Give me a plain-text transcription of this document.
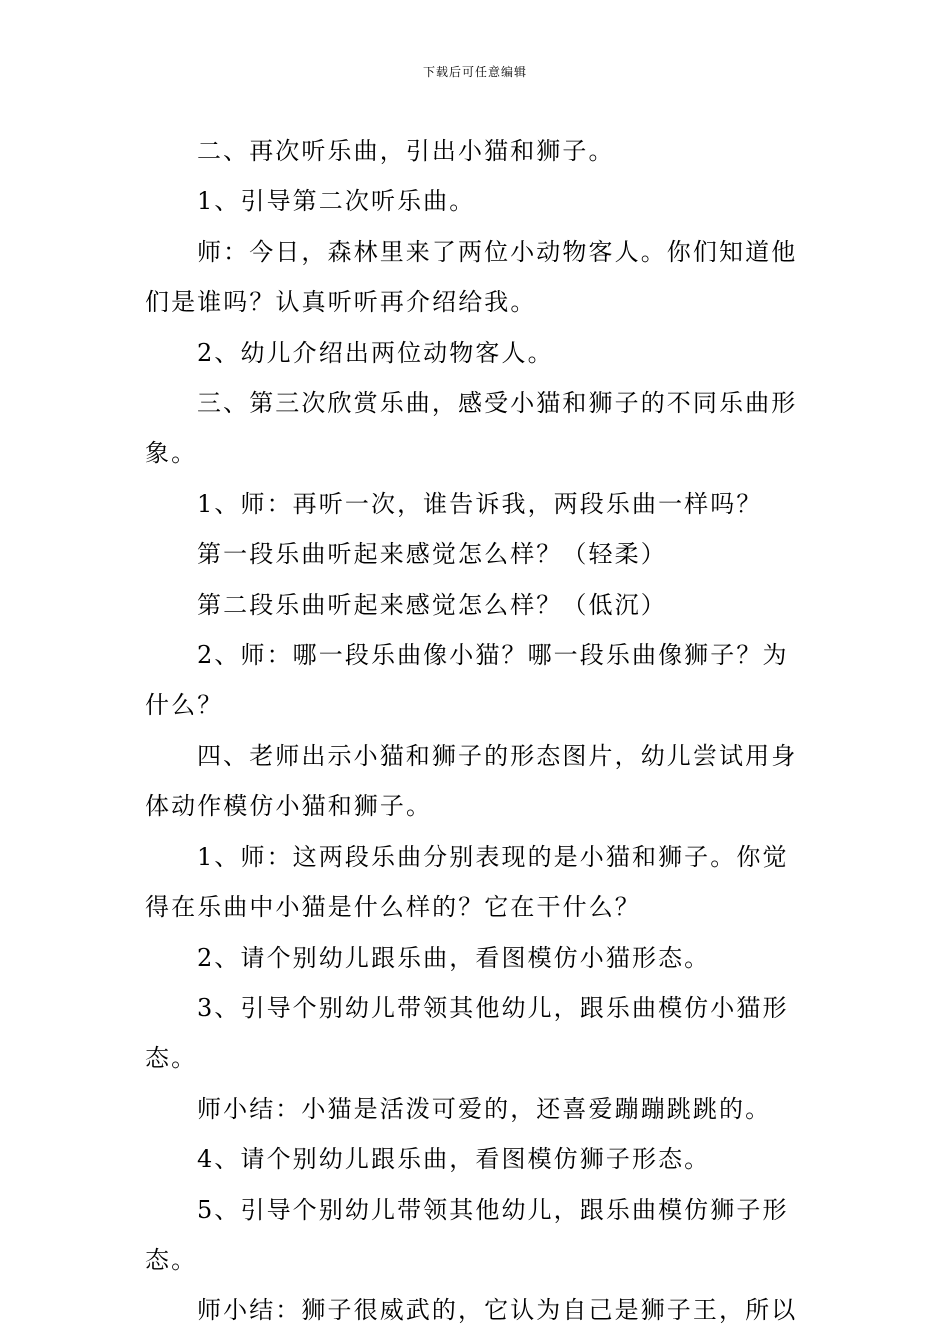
下载后可任意编辑

二、再次听乐曲，引出小猫和狮子。

1、引导第二次听乐曲。

师：今日，森林里来了两位小动物客人。你们知道他们是谁吗？认真听听再介绍给我。

2、幼儿介绍出两位动物客人。

三、第三次欣赏乐曲，感受小猫和狮子的不同乐曲形象。

1、师：再听一次，谁告诉我，两段乐曲一样吗？

第一段乐曲听起来感觉怎么样？（轻柔）

第二段乐曲听起来感觉怎么样？（低沉）

2、师：哪一段乐曲像小猫？哪一段乐曲像狮子？为什么？

四、老师出示小猫和狮子的形态图片，幼儿尝试用身体动作模仿小猫和狮子。

1、师：这两段乐曲分别表现的是小猫和狮子。你觉得在乐曲中小猫是什么样的？它在干什么？

2、请个别幼儿跟乐曲，看图模仿小猫形态。

3、引导个别幼儿带领其他幼儿，跟乐曲模仿小猫形态。

师小结：小猫是活泼可爱的，还喜爱蹦蹦跳跳的。

4、请个别幼儿跟乐曲，看图模仿狮子形态。

5、引导个别幼儿带领其他幼儿，跟乐曲模仿狮子形态。

师小结：狮子很威武的，它认为自己是狮子王，所以
